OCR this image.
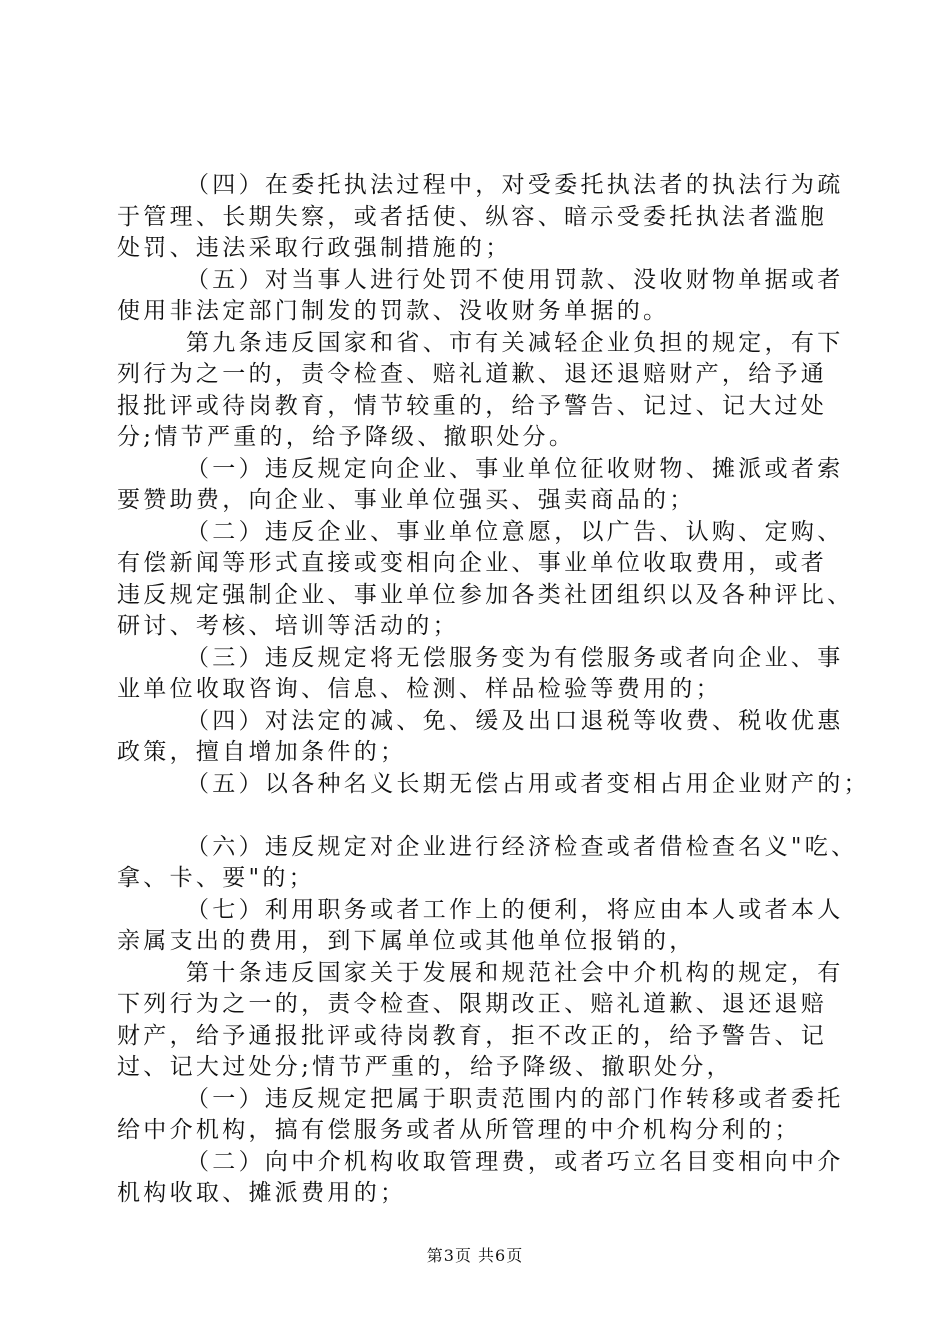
（四）在委托执法过程中，对受委托执法者的执法行为疏
于管理、长期失察，或者括使、纵容、暗示受委托执法者滥胞
处罚、违法采取行政强制措施的；
（五）对当事人进行处罚不使用罚款、没收财物单据或者
使用非法定部门制发的罚款、没收财务单据的。
第九条违反国家和省、市有关减轻企业负担的规定，有下
列行为之一的，责令检查、赔礼道歉、退还退赔财产，给予通
报批评或待岗教育，情节较重的，给予警告、记过、记大过处
分;情节严重的，给予降级、撤职处分。
（一）违反规定向企业、事业单位征收财物、摊派或者索
要赞助费，向企业、事业单位强买、强卖商品的；
（二）违反企业、事业单位意愿，以广告、认购、定购、
有偿新闻等形式直接或变相向企业、事业单位收取费用，或者
违反规定强制企业、事业单位参加各类社团组织以及各种评比、
研讨、考核、培训等活动的；
（三）违反规定将无偿服务变为有偿服务或者向企业、事
业单位收取咨询、信息、检测、样品检验等费用的；
（四）对法定的减、免、缓及出口退税等收费、税收优惠
政策，擅自增加条件的；
（五）以各种名义长期无偿占用或者变相占用企业财产的；
（六）违反规定对企业进行经济检查或者借检查名义"吃、
拿、卡、要"的；
（七）利用职务或者工作上的便利，将应由本人或者本人
亲属支出的费用，到下属单位或其他单位报销的，
第十条违反国家关于发展和规范社会中介机构的规定，有
下列行为之一的，责令检查、限期改正、赔礼道歉、退还退赔
财产，给予通报批评或待岗教育，拒不改正的，给予警告、记
过、记大过处分;情节严重的，给予降级、撤职处分，
（一）违反规定把属于职责范围内的部门作转移或者委托
给中介机构，搞有偿服务或者从所管理的中介机构分利的；
（二）向中介机构收取管理费，或者巧立名目变相向中介
机构收取、摊派费用的；
第3页 共6页
